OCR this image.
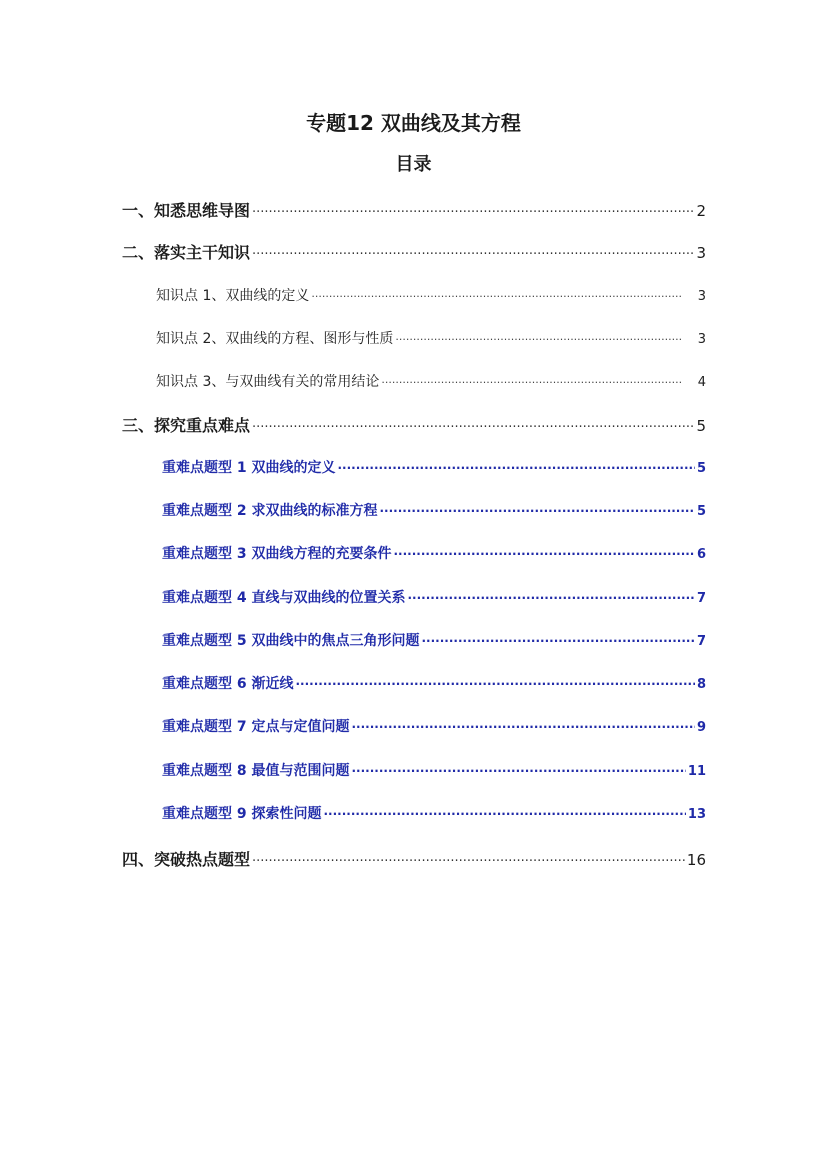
专题12 双曲线及其方程
目录
一、知悉思维导图 ·····	2
二、落实主干知识 ·····	3
知识点 1、双曲线的定义 ·····	3
知识点 2、双曲线的方程、图形与性质 ·····	3
知识点 3、与双曲线有关的常用结论 ·····	4
三、探究重点难点 ·····	5
重难点题型 1 双曲线的定义 ·····	5
重难点题型 2 求双曲线的标准方程 ·····	5
重难点题型 3 双曲线方程的充要条件 ·····	6
重难点题型 4 直线与双曲线的位置关系 ·····	7
重难点题型 5 双曲线中的焦点三角形问题 ·····	7
重难点题型 6 渐近线 ·····	8
重难点题型 7 定点与定值问题 ·····	9
重难点题型 8 最值与范围问题 ·····	11
重难点题型 9 探索性问题 ·····	13
四、突破热点题型 ·····	16
